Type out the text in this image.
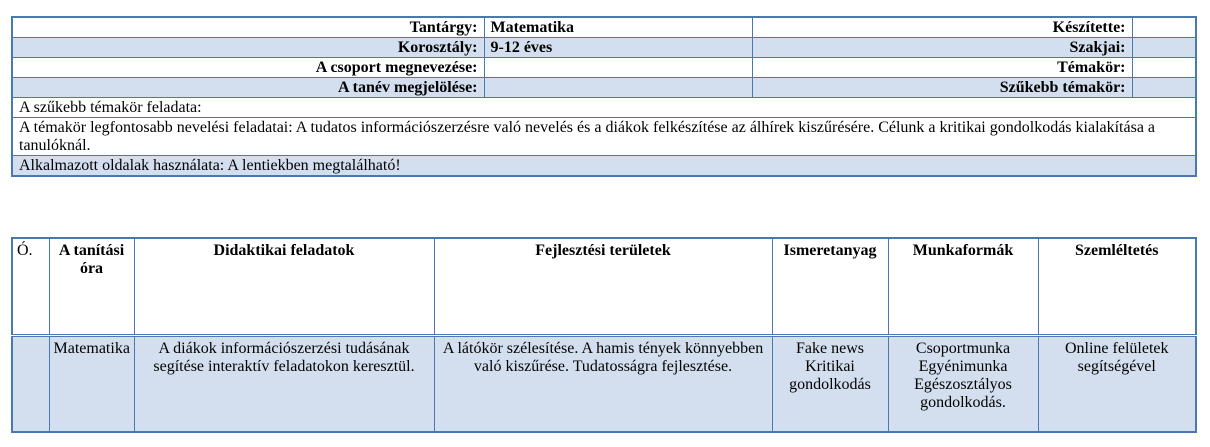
Tantárgy:	Matematika	Készítette:	
Korosztály:	9-12 éves	Szakjai:	
A csoport megnevezése:		Témakör:	
A tanév megjelölése:		Szűkebb témakör:	
A szűkebb témakör feladata:			
A témakör legfontosabb nevelési feladatai: A tudatos információszerzésre való nevelés és a diákok felkészítése az álhírek kiszűrésére. Célunk a kritikai gondolkodás kialakítása a tanulóknál.			
Alkalmazott oldalak használata: A lentiekben megtalálható!			
Ó.	A tanítási óra	Didaktikai feladatok	Fejlesztési területek	Ismeretanyag	Munkaformák	Szemléltetés
	Matematika	A diákok információszerzési tudásának segítése interaktív feladatokon keresztül.	A látókör szélesítése. A hamis tények könnyebben való kiszűrése. Tudatosságra fejlesztése.	Fake news Kritikai gondolkodás	Csoportmunka Egyénimunka Egészosztályos gondolkodás.	Online felületek segítségével
